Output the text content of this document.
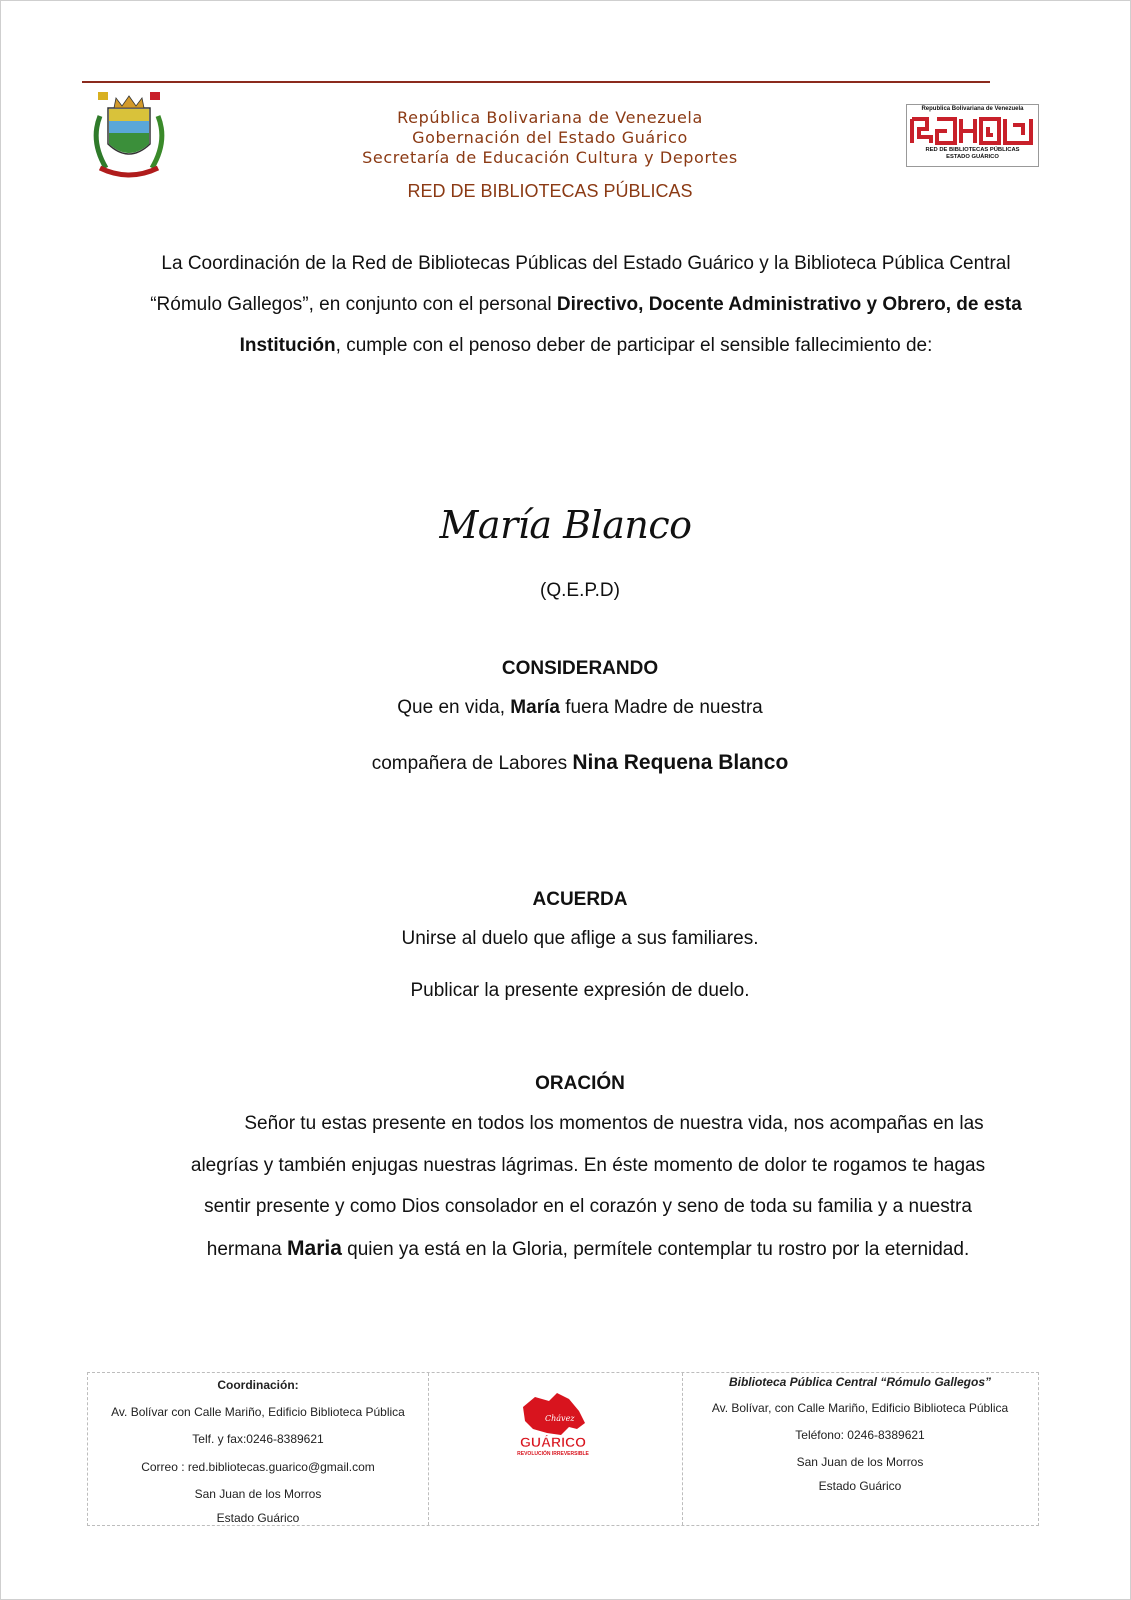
República Bolivariana de Venezuela
Gobernación del Estado Guárico
Secretaría de Educación Cultura y Deportes
RED DE BIBLIOTECAS PÚBLICAS
Republica Bolivariana de Venezuela
RED DE BIBLIOTECAS PÚBLICAS
ESTADO GUÁRICO
La Coordinación de la Red de Bibliotecas Públicas del Estado Guárico y la Biblioteca Pública Central “Rómulo Gallegos”, en conjunto con el personal Directivo, Docente Administrativo y Obrero, de esta Institución, cumple con el penoso deber de participar el sensible fallecimiento de:
María Blanco
(Q.E.P.D)
CONSIDERANDO
Que en vida, María fuera Madre de nuestra
compañera de Labores Nina Requena Blanco
ACUERDA
Unirse al duelo que aflige a sus familiares.
Publicar la presente expresión de duelo.
ORACIÓN
Señor tu estas presente en todos los momentos de nuestra vida, nos acompañas en las
alegrías y también enjugas nuestras lágrimas. En éste momento de dolor te rogamos te hagas
sentir presente y como Dios consolador en el corazón y seno de toda su familia y a nuestra
hermana Maria quien ya está en la Gloria, permítele contemplar tu rostro por la eternidad.
Coordinación:
Av. Bolívar con Calle Mariño, Edificio Biblioteca Pública
Telf. y fax:0246-8389621
Correo : red.bibliotecas.guarico@gmail.com
San Juan de los Morros
Estado Guárico
Chávez
GUÁRICO
REVOLUCIÓN IRREVERSIBLE
Biblioteca Pública Central “Rómulo Gallegos”
Av. Bolívar, con Calle Mariño, Edificio Biblioteca Pública
Teléfono: 0246-8389621
San Juan de los Morros
Estado Guárico
